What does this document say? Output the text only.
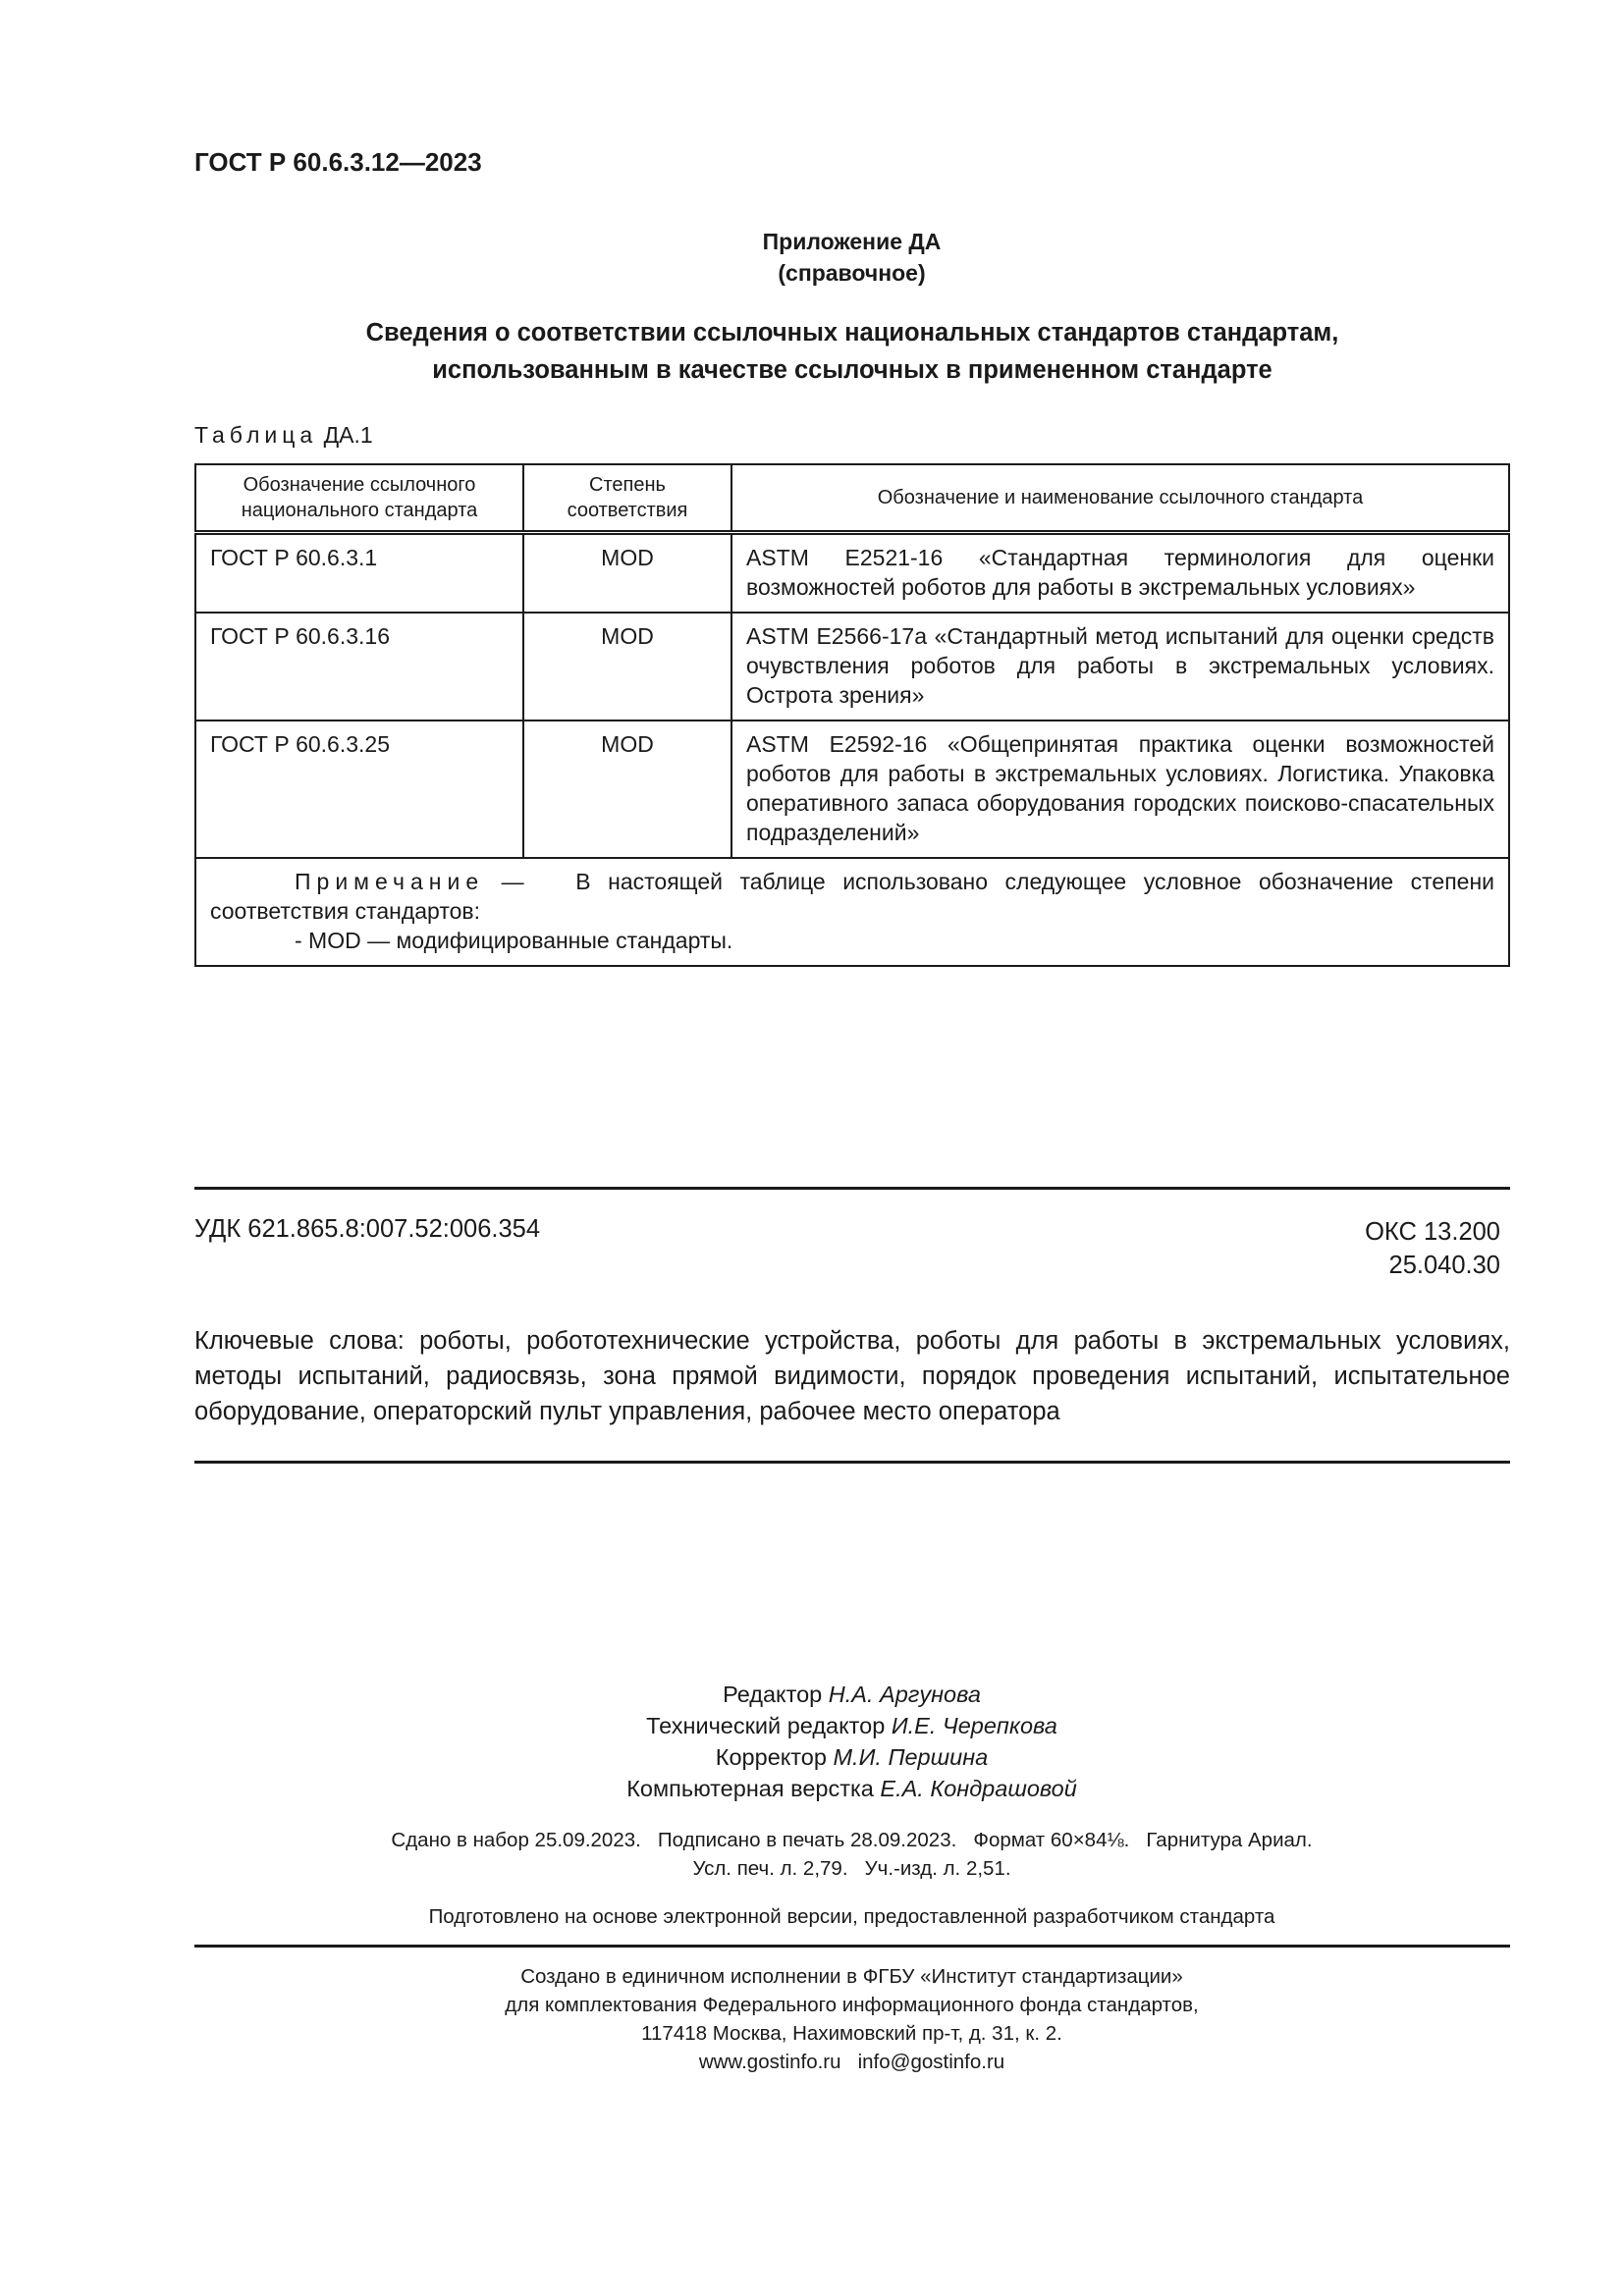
ГОСТ Р 60.6.3.12—2023
Приложение ДА
(справочное)
Сведения о соответствии ссылочных национальных стандартов стандартам,
использованным в качестве ссылочных в примененном стандарте
Таблица ДА.1
Обозначение ссылочного национального стандарта	Степень соответствия	Обозначение и наименование ссылочного стандарта
ГОСТ Р 60.6.3.1	MOD	ASTM E2521-16 «Стандартная терминология для оценки возможностей роботов для работы в экстремальных условиях»
ГОСТ Р 60.6.3.16	MOD	ASTM E2566-17a «Стандартный метод испытаний для оценки средств очувствления роботов для работы в экстремальных условиях. Острота зрения»
ГОСТ Р 60.6.3.25	MOD	ASTM E2592-16 «Общепринятая практика оценки возможностей роботов для работы в экстремальных условиях. Логистика. Упаковка оперативного запаса оборудования городских поисково-спасательных подразделений»

Примечание — В настоящей таблице использовано следующее условное обозначение степени соответствия стандартов:

- MOD — модифицированные стандарты.		

УДК 621.865.8:007.52:006.354	ОКС 13.200
25.040.30
Ключевые слова: роботы, робототехнические устройства, роботы для работы в экстремальных условиях, методы испытаний, радиосвязь, зона прямой видимости, порядок проведения испытаний, испытательное оборудование, операторский пульт управления, рабочее место оператора
Редактор Н.А. Аргунова
Технический редактор И.Е. Черепкова
Корректор М.И. Першина
Компьютерная верстка Е.А. Кондрашовой
Сдано в набор 25.09.2023.   Подписано в печать 28.09.2023.   Формат 60×84⅛.   Гарнитура Ариал.
Усл. печ. л. 2,79.   Уч.-изд. л. 2,51.
Подготовлено на основе электронной версии, предоставленной разработчиком стандарта
Создано в единичном исполнении в ФГБУ «Институт стандартизации»
для комплектования Федерального информационного фонда стандартов,
117418 Москва, Нахимовский пр-т, д. 31, к. 2.
www.gostinfo.ru   info@gostinfo.ru
